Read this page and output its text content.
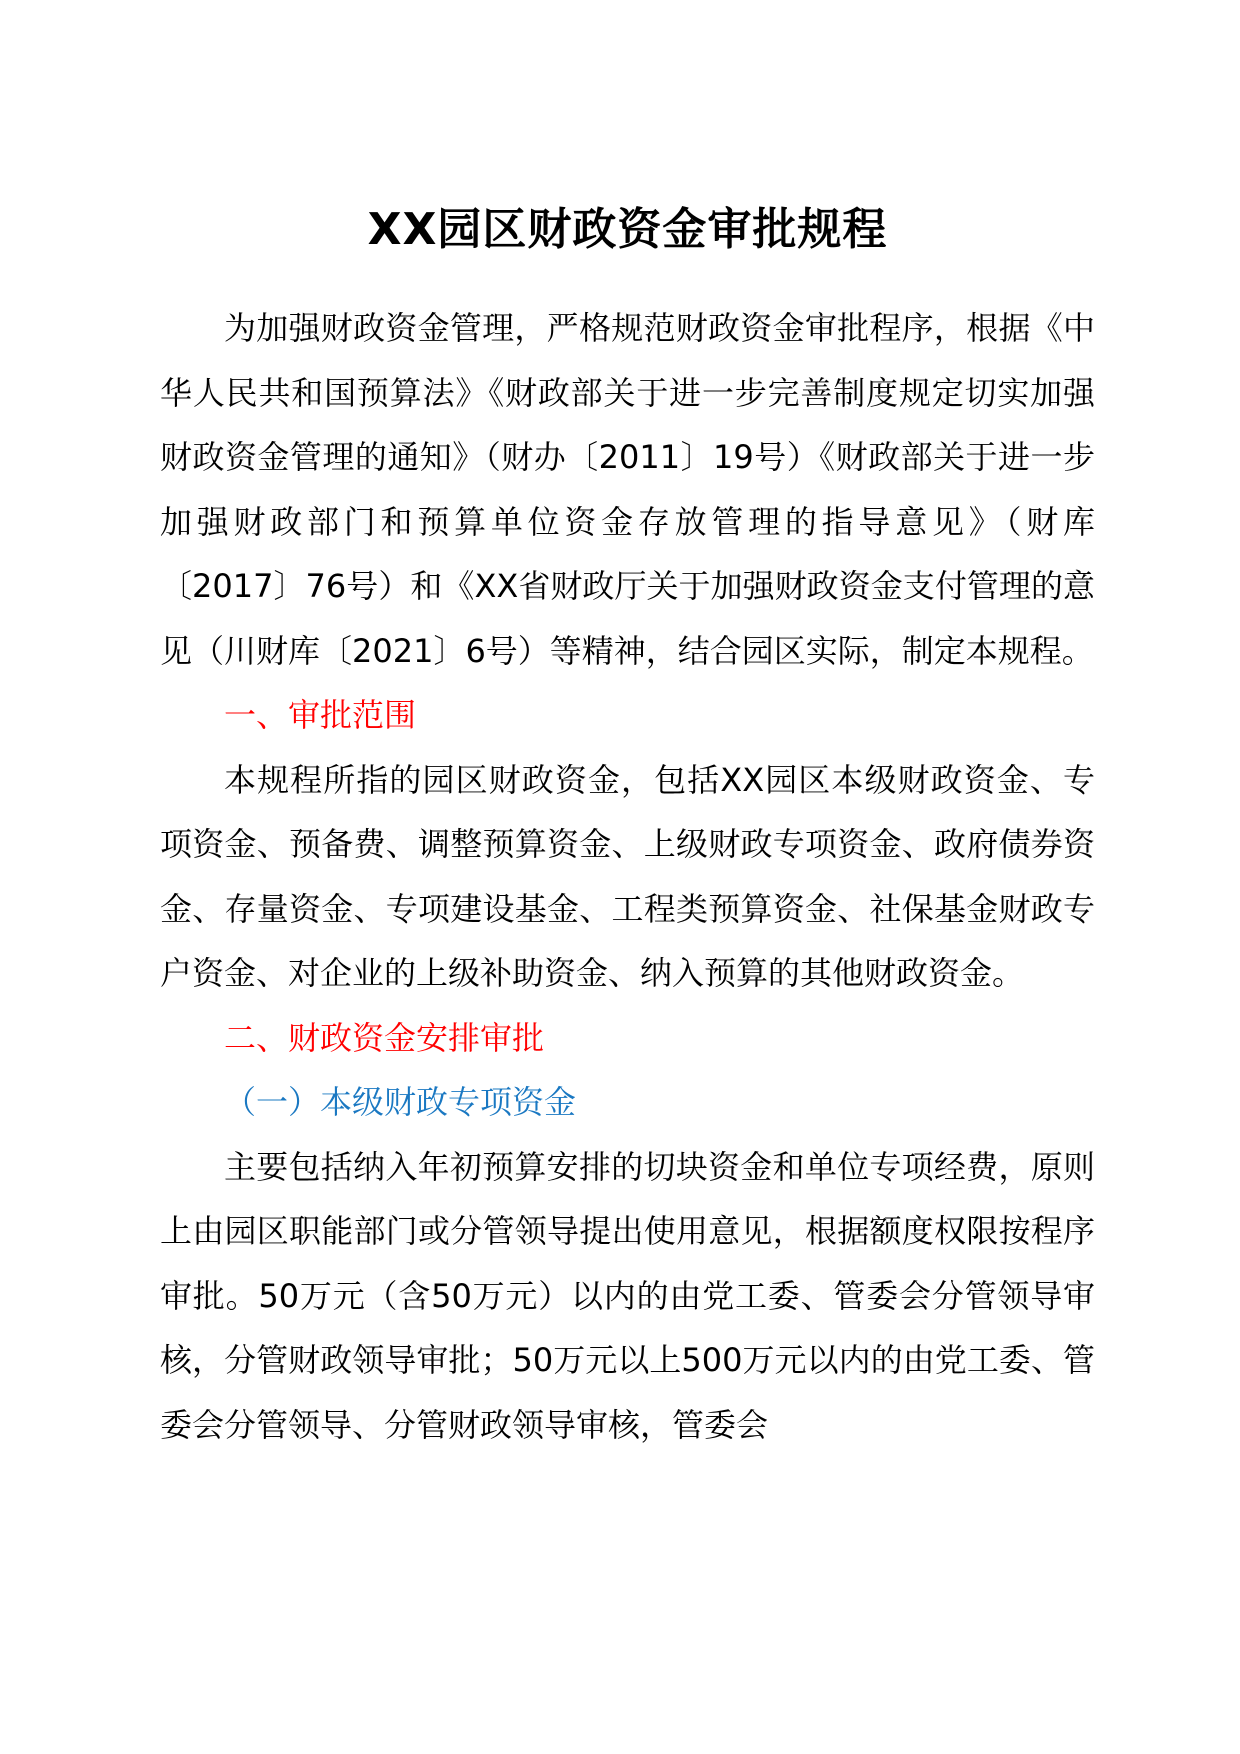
XX园区财政资金审批规程

为加强财政资金管理，严格规范财政资金审批程序，根据《中华人民共和国预算法》《财政部关于进一步完善制度规定切实加强财政资金管理的通知》（财办〔2011〕19号）《财政部关于进一步加强财政部门和预算单位资金存放管理的指导意见》（财库〔2017〕76号）和《XX省财政厅关于加强财政资金支付管理的意见（川财库〔2021〕6号）等精神，结合园区实际，制定本规程。

一、审批范围

本规程所指的园区财政资金，包括XX园区本级财政资金、专项资金、预备费、调整预算资金、上级财政专项资金、政府债券资金、存量资金、专项建设基金、工程类预算资金、社保基金财政专户资金、对企业的上级补助资金、纳入预算的其他财政资金。

二、财政资金安排审批

（一）本级财政专项资金

主要包括纳入年初预算安排的切块资金和单位专项经费，原则上由园区职能部门或分管领导提出使用意见，根据额度权限按程序审批。50万元（含50万元）以内的由党工委、管委会分管领导审核，分管财政领导审批；50万元以上500万元以内的由党工委、管委会分管领导、分管财政领导审核，管委会
